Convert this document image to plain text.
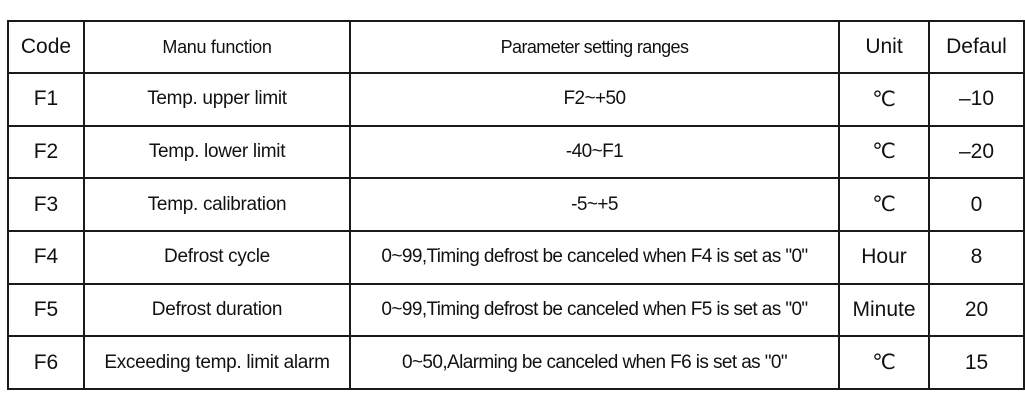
Code	Manu function	Parameter setting ranges	Unit	Defaul
F1	Temp. upper limit	F2~+50	℃	–10
F2	Temp. lower limit	-40~F1	℃	–20
F3	Temp. calibration	-5~+5	℃	0
F4	Defrost cycle	0~99,Timing defrost be canceled when F4 is set as "0"	Hour	8
F5	Defrost duration	0~99,Timing defrost be canceled when F5 is set as "0"	Minute	20
F6	Exceeding temp. limit alarm	0~50,Alarming be canceled when F6 is set as "0"	℃	15
